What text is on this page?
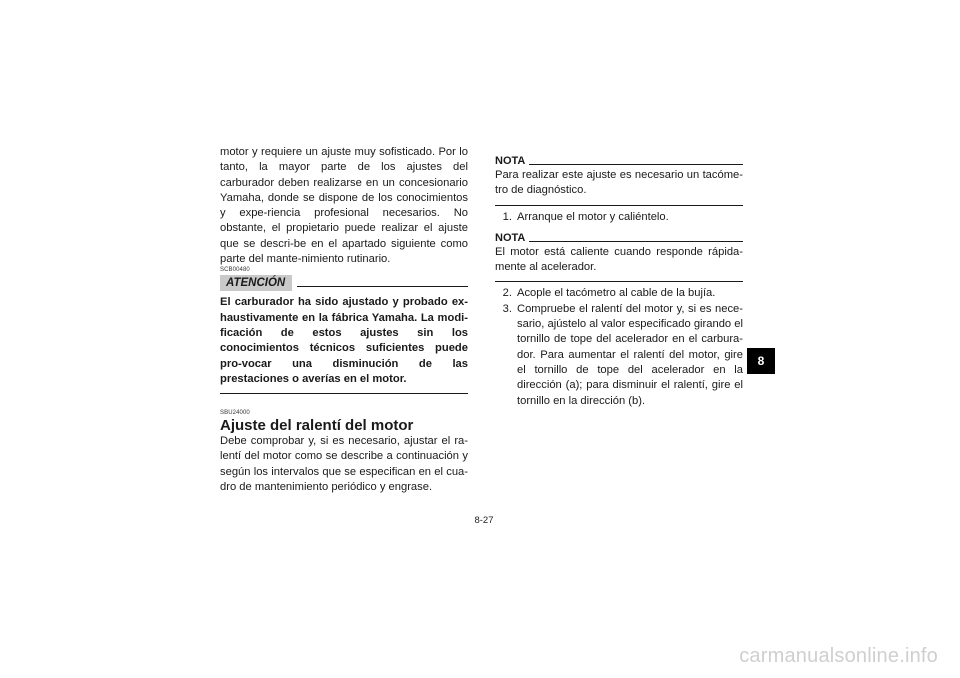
motor y requiere un ajuste muy sofisticado. Por lo tanto, la mayor parte de los ajustes del carburador deben realizarse en un concesionario Yamaha, donde se dispone de los conocimientos y expe-riencia profesional necesarios. No obstante, el propietario puede realizar el ajuste que se descri-be en el apartado siguiente como parte del mante-nimiento rutinario.

SCB00480
ATENCIÓN

El carburador ha sido ajustado y probado ex-haustivamente en la fábrica Yamaha. La modi-ficación de estos ajustes sin los conocimientos técnicos suficientes puede pro-vocar una disminución de las prestaciones o averías en el motor.

SBU24000
Ajuste del ralentí del motor

Debe comprobar y, si es necesario, ajustar el ra-lentí del motor como se describe a continuación y según los intervalos que se especifican en el cua-dro de mantenimiento periódico y engrase.

NOTA

Para realizar este ajuste es necesario un tacóme-tro de diagnóstico.

1. Arranque el motor y caliéntelo.
NOTA

El motor está caliente cuando responde rápida-mente al acelerador.

2. Acople el tacómetro al cable de la bujía.
3. Compruebe el ralentí del motor y, si es nece-sario, ajústelo al valor especificado girando el tornillo de tope del acelerador en el carbura-dor. Para aumentar el ralentí del motor, gire el tornillo de tope del acelerador en la dirección (a); para disminuir el ralentí, gire el tornillo en la dirección (b).
8-27
8
carmanualsonline.info
